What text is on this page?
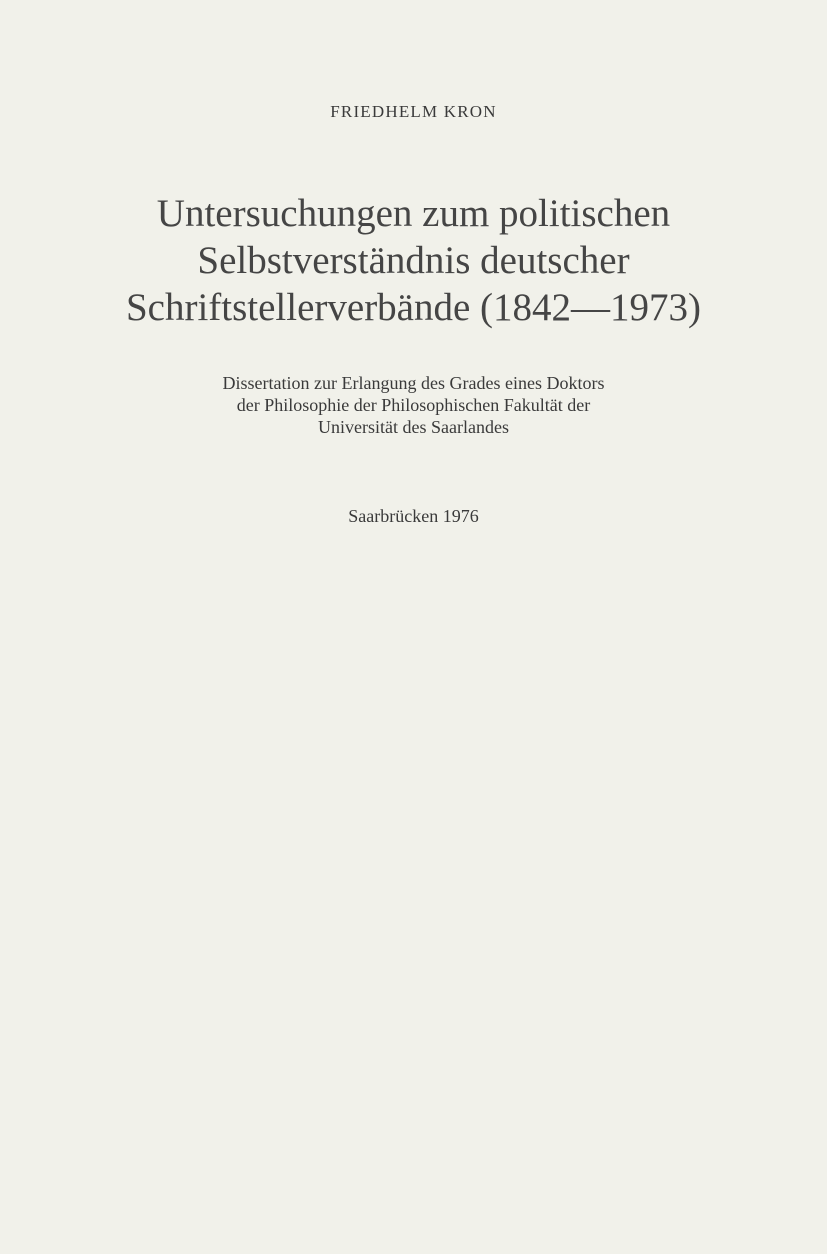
FRIEDHELM KRON
Untersuchungen zum politischen
Selbstverständnis deutscher
Schriftstellerverbände (1842—1973)
Dissertation zur Erlangung des Grades eines Doktors
der Philosophie der Philosophischen Fakultät der
Universität des Saarlandes
Saarbrücken 1976
